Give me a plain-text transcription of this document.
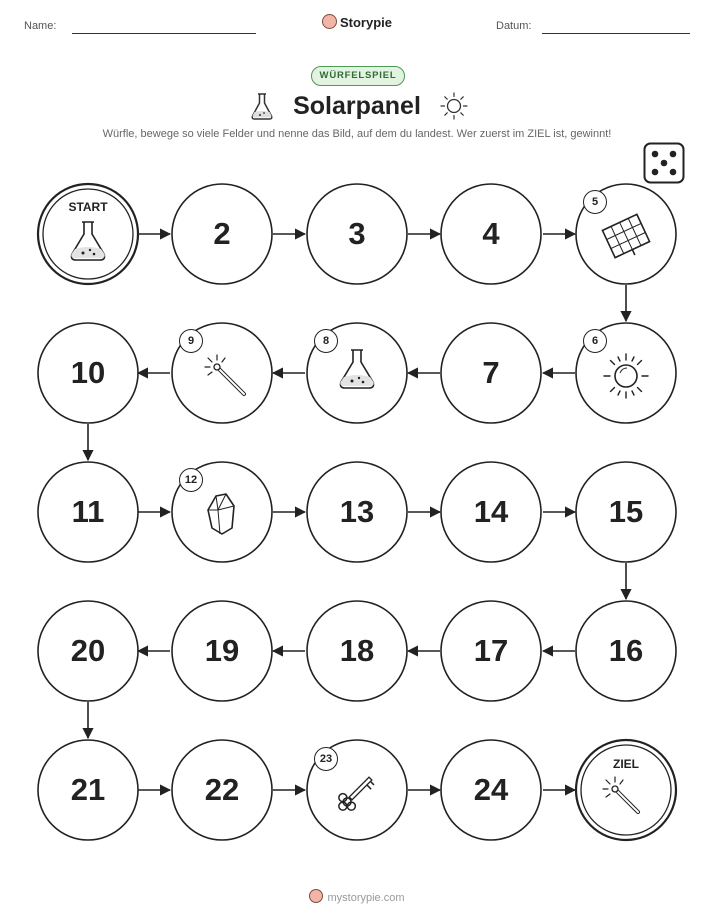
Name:	Storypie	Datum:
WÜRFELSPIEL
Solarpanel
Würfle, bewege so viele Felder und nenne das Bild, auf dem du landest. Wer zuerst im ZIEL ist, gewinnt!
START
ZIEL
2	3	4
10	7
11	13	14	15
20	19	18	17	16
21	22	24
5
6
8
9
12
23
mystorypie.com
